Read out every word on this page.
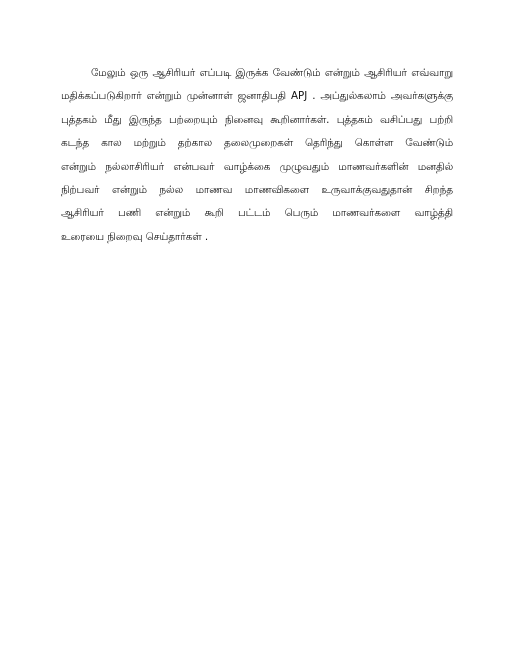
மேலும் ஒரு ஆசிரியர் எப்படி இருக்க வேண்டும் என்றும் ஆசிரியர் எவ்வாறு
மதிக்கப்படுகிறார் என்றும் முன்னாள் ஜனாதிபதி APJ . அப்துல்கலாம் அவர்களுக்கு
புத்தகம் மீது இருந்த பற்றையும் நினைவு கூறினார்கள். புத்தகம் வசிப்பது பற்றி
கடந்த கால மற்றும் தற்கால தலைமுறைகள் தெரிந்து கொள்ள வேண்டும்
என்றும் நல்லாசிரியர் என்பவர் வாழ்க்கை முழுவதும் மாணவர்களின் மனதில்
நிற்பவர் என்றும் நல்ல மாணவ மாணவிகளை உருவாக்குவதுதான் சிறந்த
ஆசிரியர் பணி என்றும் கூறி பட்டம் பெரும் மாணவர்களை வாழ்த்தி
உரையை நிறைவு செய்தார்கள் .
